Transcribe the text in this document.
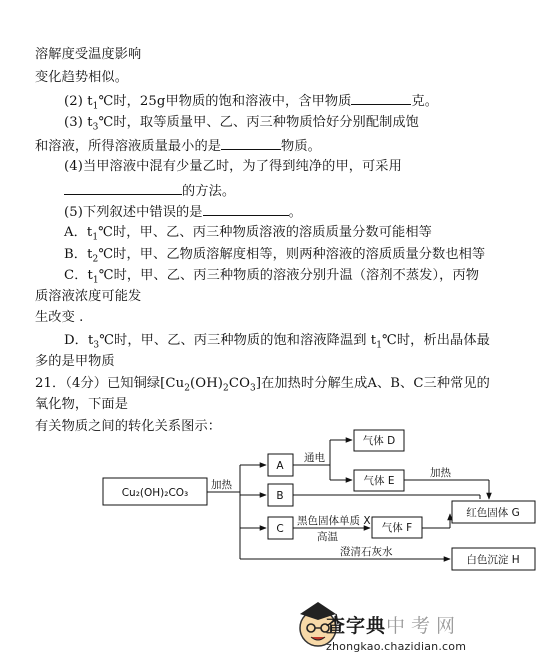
溶解度受温度影响
变化趋势相似。
(2) $t_1℃$时，25g甲物质的饱和溶液中，含甲物质	克。
(3) $t_3℃$时，取等质量甲、乙、丙三种物质恰好分别配制成饱
和溶液，所得溶液质量最小的是	物质。
(4)当甲溶液中混有少量乙时，为了得到纯净的甲，可采用
的方法。
(5)下列叙述中错误的是	。
A．$t_1℃$时，甲、乙、丙三种物质溶液的溶质质量分数可能相等
B．$t_2℃$时，甲、乙物质溶解度相等，则两种溶液的溶质质量分数也相等
C．$t_1℃$时，甲、乙、丙三种物质的溶液分别升温（溶剂不蒸发），丙物
质溶液浓度可能发
生改变 .
D．$t_3℃$时，甲、乙、丙三种物质的饱和溶液降温到 $t_1℃$时，析出晶体最
多的是甲物质
21．（4分）已知铜绿$[Cu_2(OH)_2CO_3]$在加热时分解生成A、B、C三种常见的
氧化物，下面是
有关物质之间的转化关系图示：
Cu₂(OH)₂CO₃
加热
A
B
C
通电
气体 D
气体 E
加热
红色固体 G
黑色固体单质 X
高温
气体 F
澄清石灰水
白色沉淀 H
查字典中考网
zhongkao.chazidian.com
